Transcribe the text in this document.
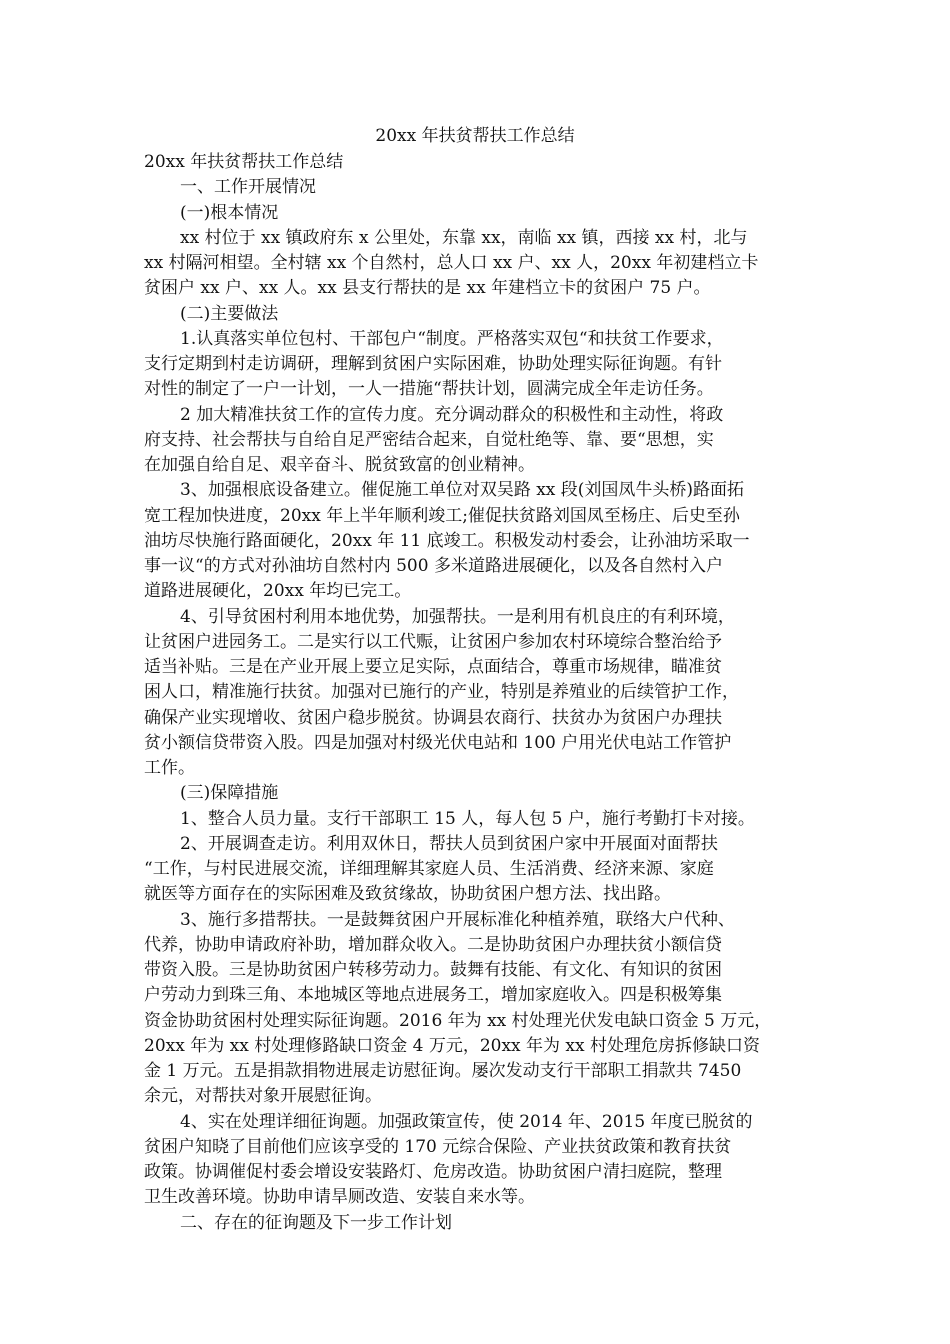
20xx 年扶贫帮扶工作总结
20xx 年扶贫帮扶工作总结
一、工作开展情况
(一)根本情况
xx 村位于 xx 镇政府东 x 公里处，东靠 xx，南临 xx 镇，西接 xx 村，北与
xx 村隔河相望。全村辖 xx 个自然村，总人口 xx 户、xx 人，20xx 年初建档立卡
贫困户 xx 户、xx 人。xx 县支行帮扶的是 xx 年建档立卡的贫困户 75 户。
(二)主要做法
1.认真落实单位包村、干部包户“制度。严格落实双包“和扶贫工作要求，
支行定期到村走访调研，理解到贫困户实际困难，协助处理实际征询题。有针
对性的制定了一户一计划，一人一措施“帮扶计划，圆满完成全年走访任务。
2 加大精准扶贫工作的宣传力度。充分调动群众的积极性和主动性，将政
府支持、社会帮扶与自给自足严密结合起来，自觉杜绝等、靠、要“思想，实
在加强自给自足、艰辛奋斗、脱贫致富的创业精神。
3、加强根底设备建立。催促施工单位对双吴路 xx 段(刘国凤牛头桥)路面拓
宽工程加快进度，20xx 年上半年顺利竣工;催促扶贫路刘国凤至杨庄、后史至孙
油坊尽快施行路面硬化，20xx 年 11 底竣工。积极发动村委会，让孙油坊采取一
事一议“的方式对孙油坊自然村内 500 多米道路进展硬化，以及各自然村入户
道路进展硬化，20xx 年均已完工。
4、引导贫困村利用本地优势，加强帮扶。一是利用有机良庄的有利环境，
让贫困户进园务工。二是实行以工代赈，让贫困户参加农村环境综合整治给予
适当补贴。三是在产业开展上要立足实际，点面结合，尊重市场规律，瞄准贫
困人口，精准施行扶贫。加强对已施行的产业，特别是养殖业的后续管护工作，
确保产业实现增收、贫困户稳步脱贫。协调县农商行、扶贫办为贫困户办理扶
贫小额信贷带资入股。四是加强对村级光伏电站和 100 户用光伏电站工作管护
工作。
(三)保障措施
1、整合人员力量。支行干部职工 15 人，每人包 5 户，施行考勤打卡对接。
2、开展调查走访。利用双休日，帮扶人员到贫困户家中开展面对面帮扶
“工作，与村民进展交流，详细理解其家庭人员、生活消费、经济来源、家庭
就医等方面存在的实际困难及致贫缘故，协助贫困户想方法、找出路。
3、施行多措帮扶。一是鼓舞贫困户开展标准化种植养殖，联络大户代种、
代养，协助申请政府补助，增加群众收入。二是协助贫困户办理扶贫小额信贷
带资入股。三是协助贫困户转移劳动力。鼓舞有技能、有文化、有知识的贫困
户劳动力到珠三角、本地城区等地点进展务工，增加家庭收入。四是积极筹集
资金协助贫困村处理实际征询题。2016 年为 xx 村处理光伏发电缺口资金 5 万元，
20xx 年为 xx 村处理修路缺口资金 4 万元，20xx 年为 xx 村处理危房拆修缺口资
金 1 万元。五是捐款捐物进展走访慰征询。屡次发动支行干部职工捐款共 7450
余元，对帮扶对象开展慰征询。
4、实在处理详细征询题。加强政策宣传，使 2014 年、2015 年度已脱贫的
贫困户知晓了目前他们应该享受的 170 元综合保险、产业扶贫政策和教育扶贫
政策。协调催促村委会增设安装路灯、危房改造。协助贫困户清扫庭院，整理
卫生改善环境。协助申请旱厕改造、安装自来水等。
二、存在的征询题及下一步工作计划
